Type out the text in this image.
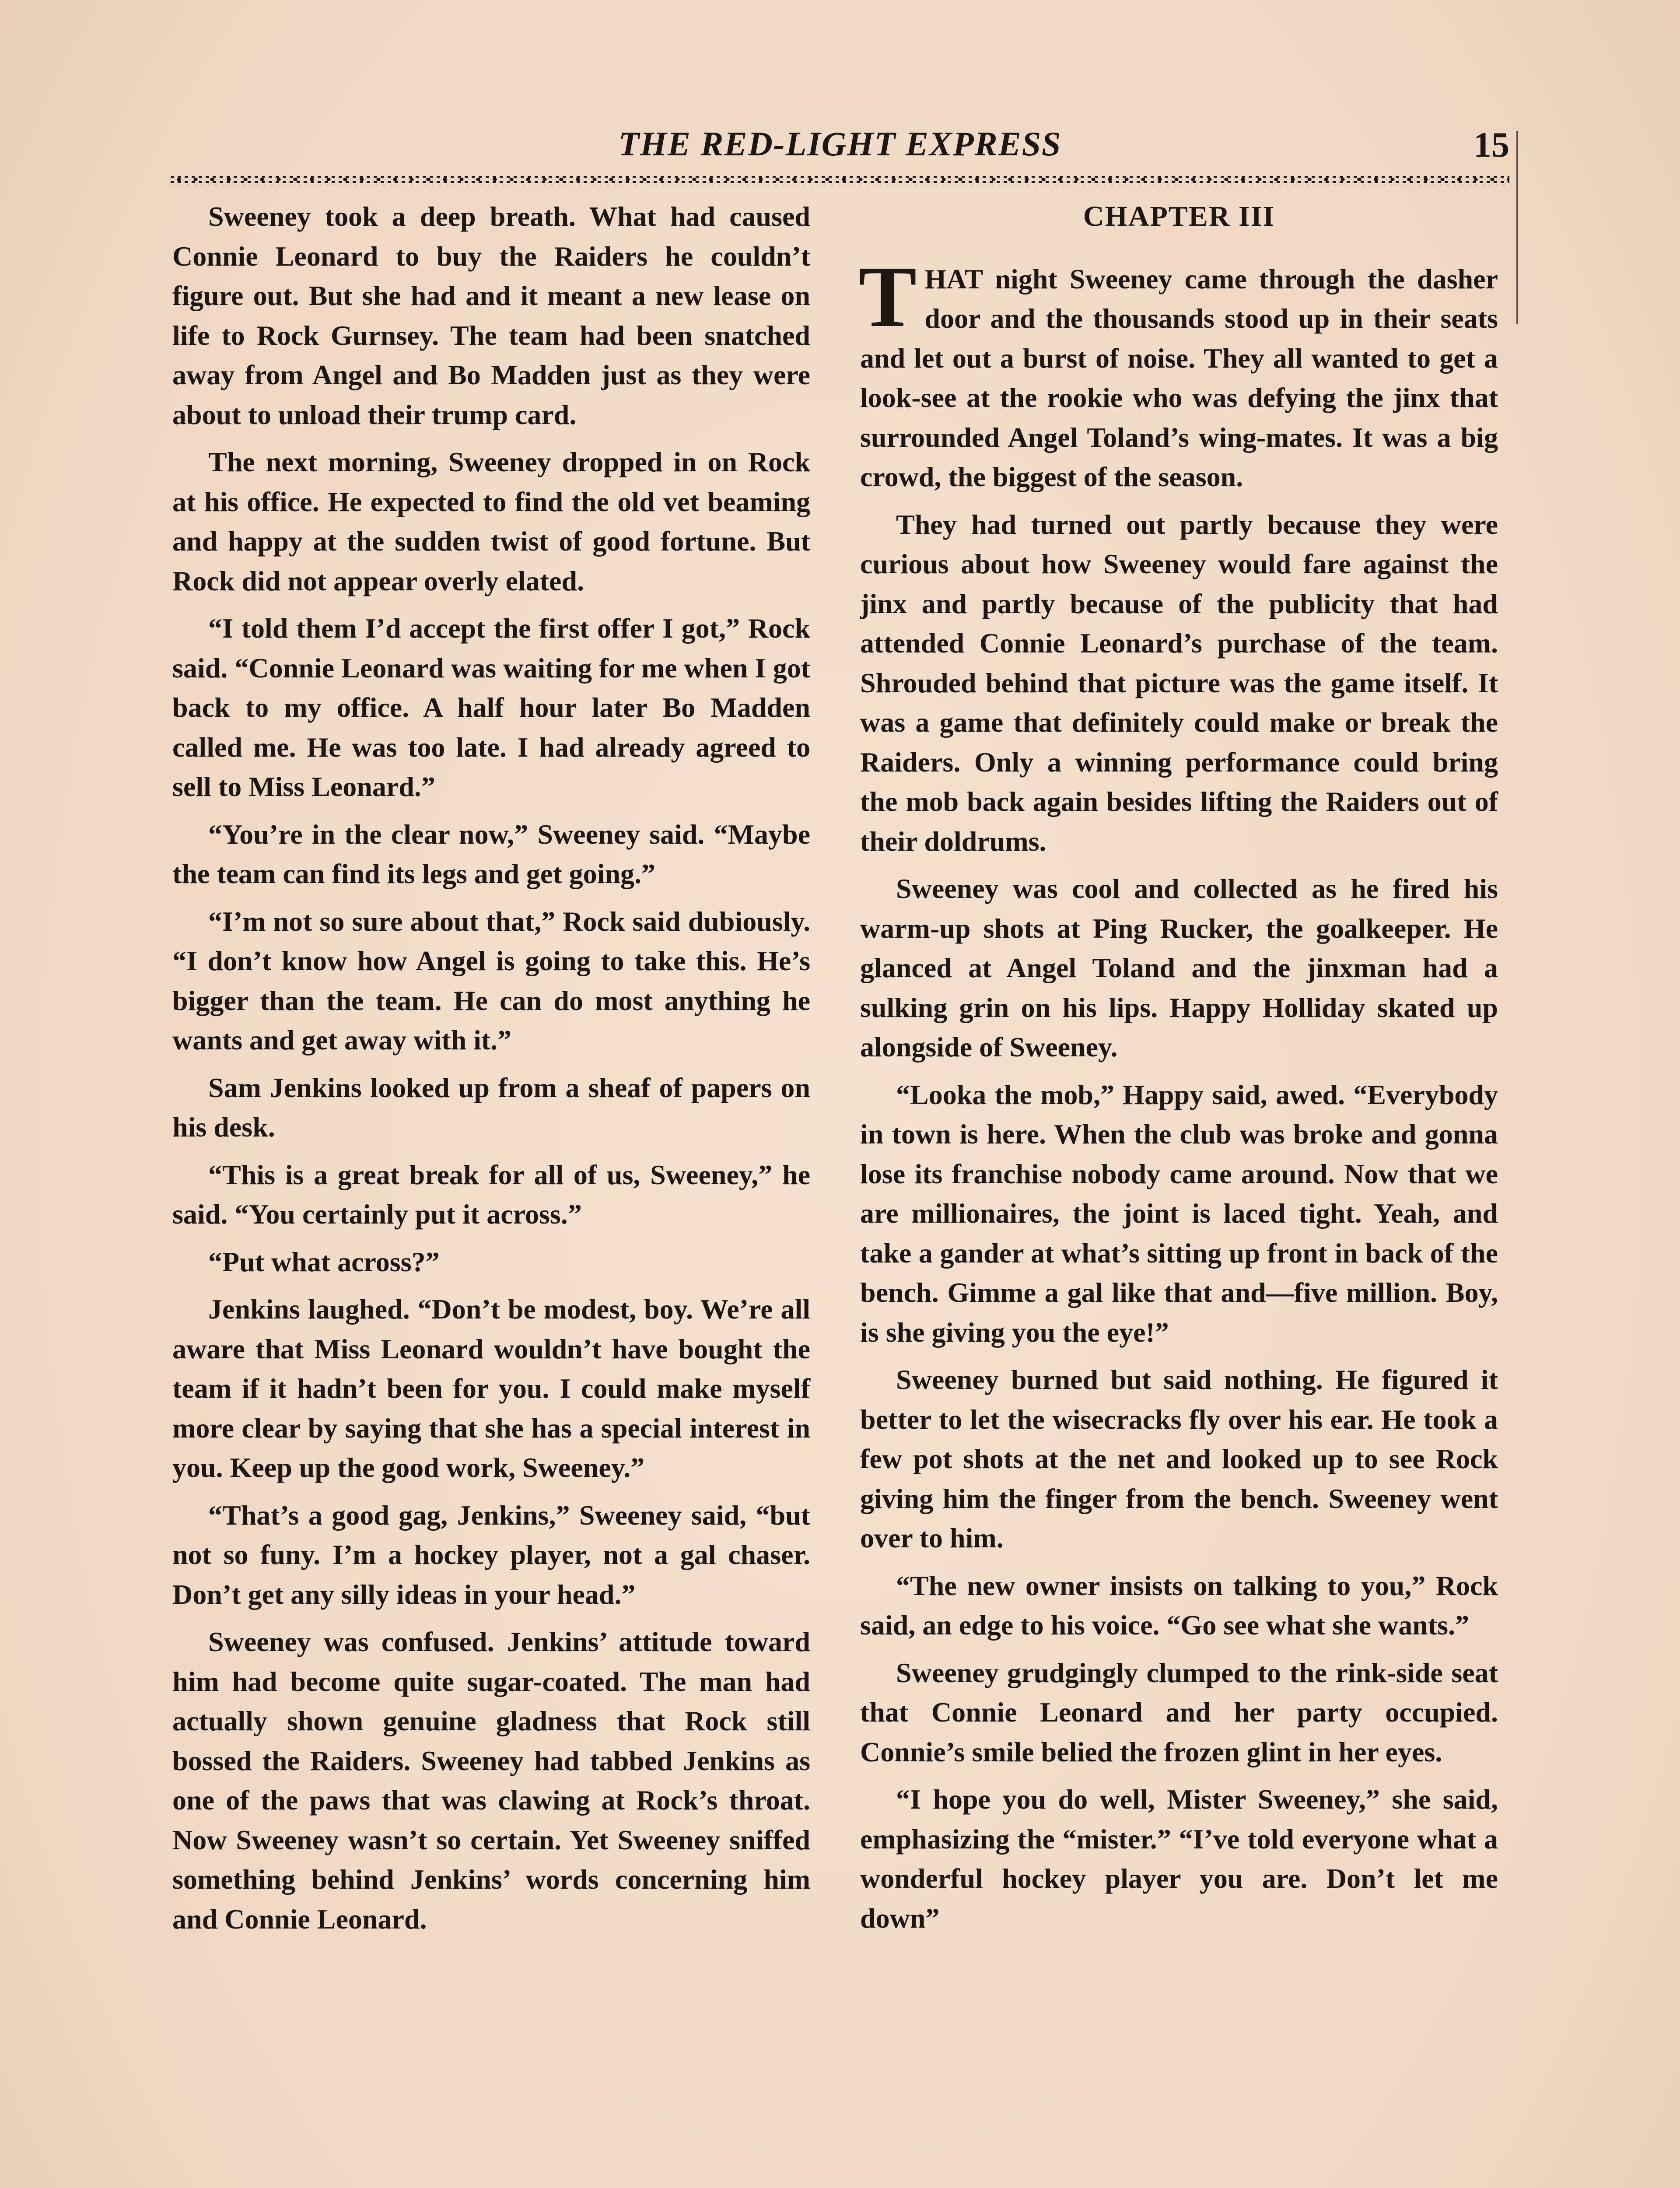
THE RED-LIGHT EXPRESS	15

Sweeney took a deep breath. What had caused Connie Leonard to buy the Raiders he couldn’t figure out. But she had and it meant a new lease on life to Rock Gurnsey. The team had been snatched away from Angel and Bo Madden just as they were about to unload their trump card.

The next morning, Sweeney dropped in on Rock at his office. He expected to find the old vet beaming and happy at the sudden twist of good fortune. But Rock did not appear overly elated.

“I told them I’d accept the first offer I got,” Rock said. “Connie Leonard was waiting for me when I got back to my office. A half hour later Bo Madden called me. He was too late. I had already agreed to sell to Miss Leonard.”

“You’re in the clear now,” Sweeney said. “Maybe the team can find its legs and get going.”

“I’m not so sure about that,” Rock said dubiously. “I don’t know how Angel is going to take this. He’s bigger than the team. He can do most anything he wants and get away with it.”

Sam Jenkins looked up from a sheaf of papers on his desk.

“This is a great break for all of us, Sweeney,” he said. “You certainly put it across.”

“Put what across?”

Jenkins laughed. “Don’t be modest, boy. We’re all aware that Miss Leonard wouldn’t have bought the team if it hadn’t been for you. I could make myself more clear by saying that she has a special interest in you. Keep up the good work, Sweeney.”

“That’s a good gag, Jenkins,” Sweeney said, “but not so funy. I’m a hockey player, not a gal chaser. Don’t get any silly ideas in your head.”

Sweeney was confused. Jenkins’ attitude toward him had become quite sugar-coated. The man had actually shown genuine gladness that Rock still bossed the Raiders. Sweeney had tabbed Jenkins as one of the paws that was clawing at Rock’s throat. Now Sweeney wasn’t so certain. Yet Sweeney sniffed something behind Jenkins’ words concerning him and Connie Leonard.

CHAPTER III

THAT night Sweeney came through the dasher door and the thousands stood up in their seats and let out a burst of noise. They all wanted to get a look-see at the rookie who was defying the jinx that surrounded Angel Toland’s wing-mates. It was a big crowd, the biggest of the season.

They had turned out partly because they were curious about how Sweeney would fare against the jinx and partly because of the publicity that had attended Connie Leonard’s purchase of the team. Shrouded behind that picture was the game itself. It was a game that definitely could make or break the Raiders. Only a winning performance could bring the mob back again besides lifting the Raiders out of their doldrums.

Sweeney was cool and collected as he fired his warm-up shots at Ping Rucker, the goalkeeper. He glanced at Angel Toland and the jinxman had a sulking grin on his lips. Happy Holliday skated up alongside of Sweeney.

“Looka the mob,” Happy said, awed. “Everybody in town is here. When the club was broke and gonna lose its franchise nobody came around. Now that we are millionaires, the joint is laced tight. Yeah, and take a gander at what’s sitting up front in back of the bench. Gimme a gal like that and—five million. Boy, is she giving you the eye!”

Sweeney burned but said nothing. He figured it better to let the wisecracks fly over his ear. He took a few pot shots at the net and looked up to see Rock giving him the finger from the bench. Sweeney went over to him.

“The new owner insists on talking to you,” Rock said, an edge to his voice. “Go see what she wants.”

Sweeney grudgingly clumped to the rink-side seat that Connie Leonard and her party occupied. Connie’s smile belied the frozen glint in her eyes.

“I hope you do well, Mister Sweeney,” she said, emphasizing the “mister.” “I’ve told everyone what a wonderful hockey player you are. Don’t let me down”
